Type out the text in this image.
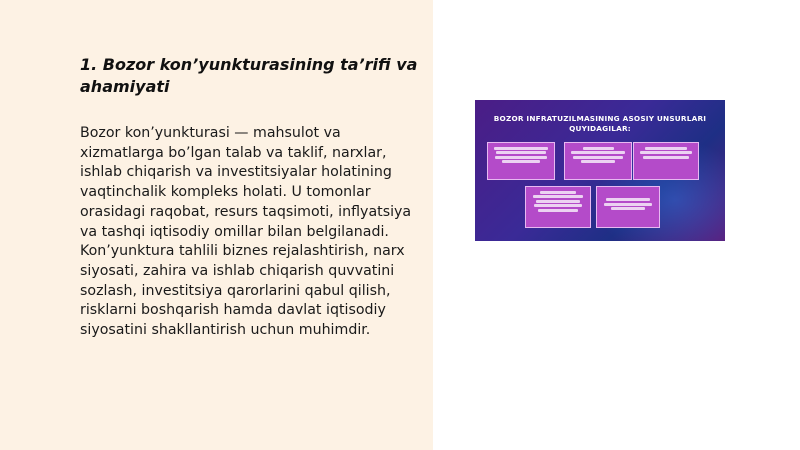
1. Bozor kon’yunkturasining ta’rifi va ahamiyati

Bozor kon’yunkturasi — mahsulot va xizmatlarga bo’lgan talab va taklif, narxlar, ishlab chiqarish va investitsiyalar holatining vaqtinchalik kompleks holati. U tomonlar orasidagi raqobat, resurs taqsimoti, inflyatsiya va tashqi iqtisodiy omillar bilan belgilanadi. Kon’yunktura tahlili biznes rejalashtirish, narx siyosati, zahira va ishlab chiqarish quvvatini sozlash, investitsiya qarorlarini qabul qilish, risklarni boshqarish hamda davlat iqtisodiy siyosatini shakllantirish uchun muhimdir.

BOZOR INFRATUZILMASINING ASOSIY UNSURLARI QUYIDAGILAR:
